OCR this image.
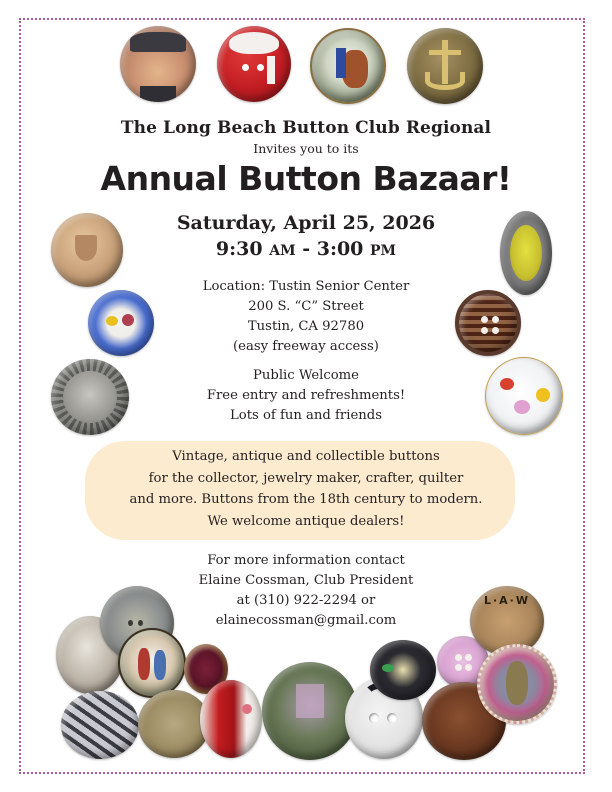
The Long Beach Button Club Regional
Invites you to its
Annual Button Bazaar!
Saturday, April 25, 2026
9:30 AM - 3:00 PM
Location: Tustin Senior Center
200 S. “C” Street
Tustin, CA 92780
(easy freeway access)
Public Welcome
Free entry and refreshments!
Lots of fun and friends
Vintage, antique and collectible buttons
for the collector, jewelry maker, crafter, quilter
and more. Buttons from the 18th century to modern.
We welcome antique dealers!
For more information contact
Elaine Cossman, Club President
at (310) 922-2294 or
elainecossman@gmail.com
L·A·W
